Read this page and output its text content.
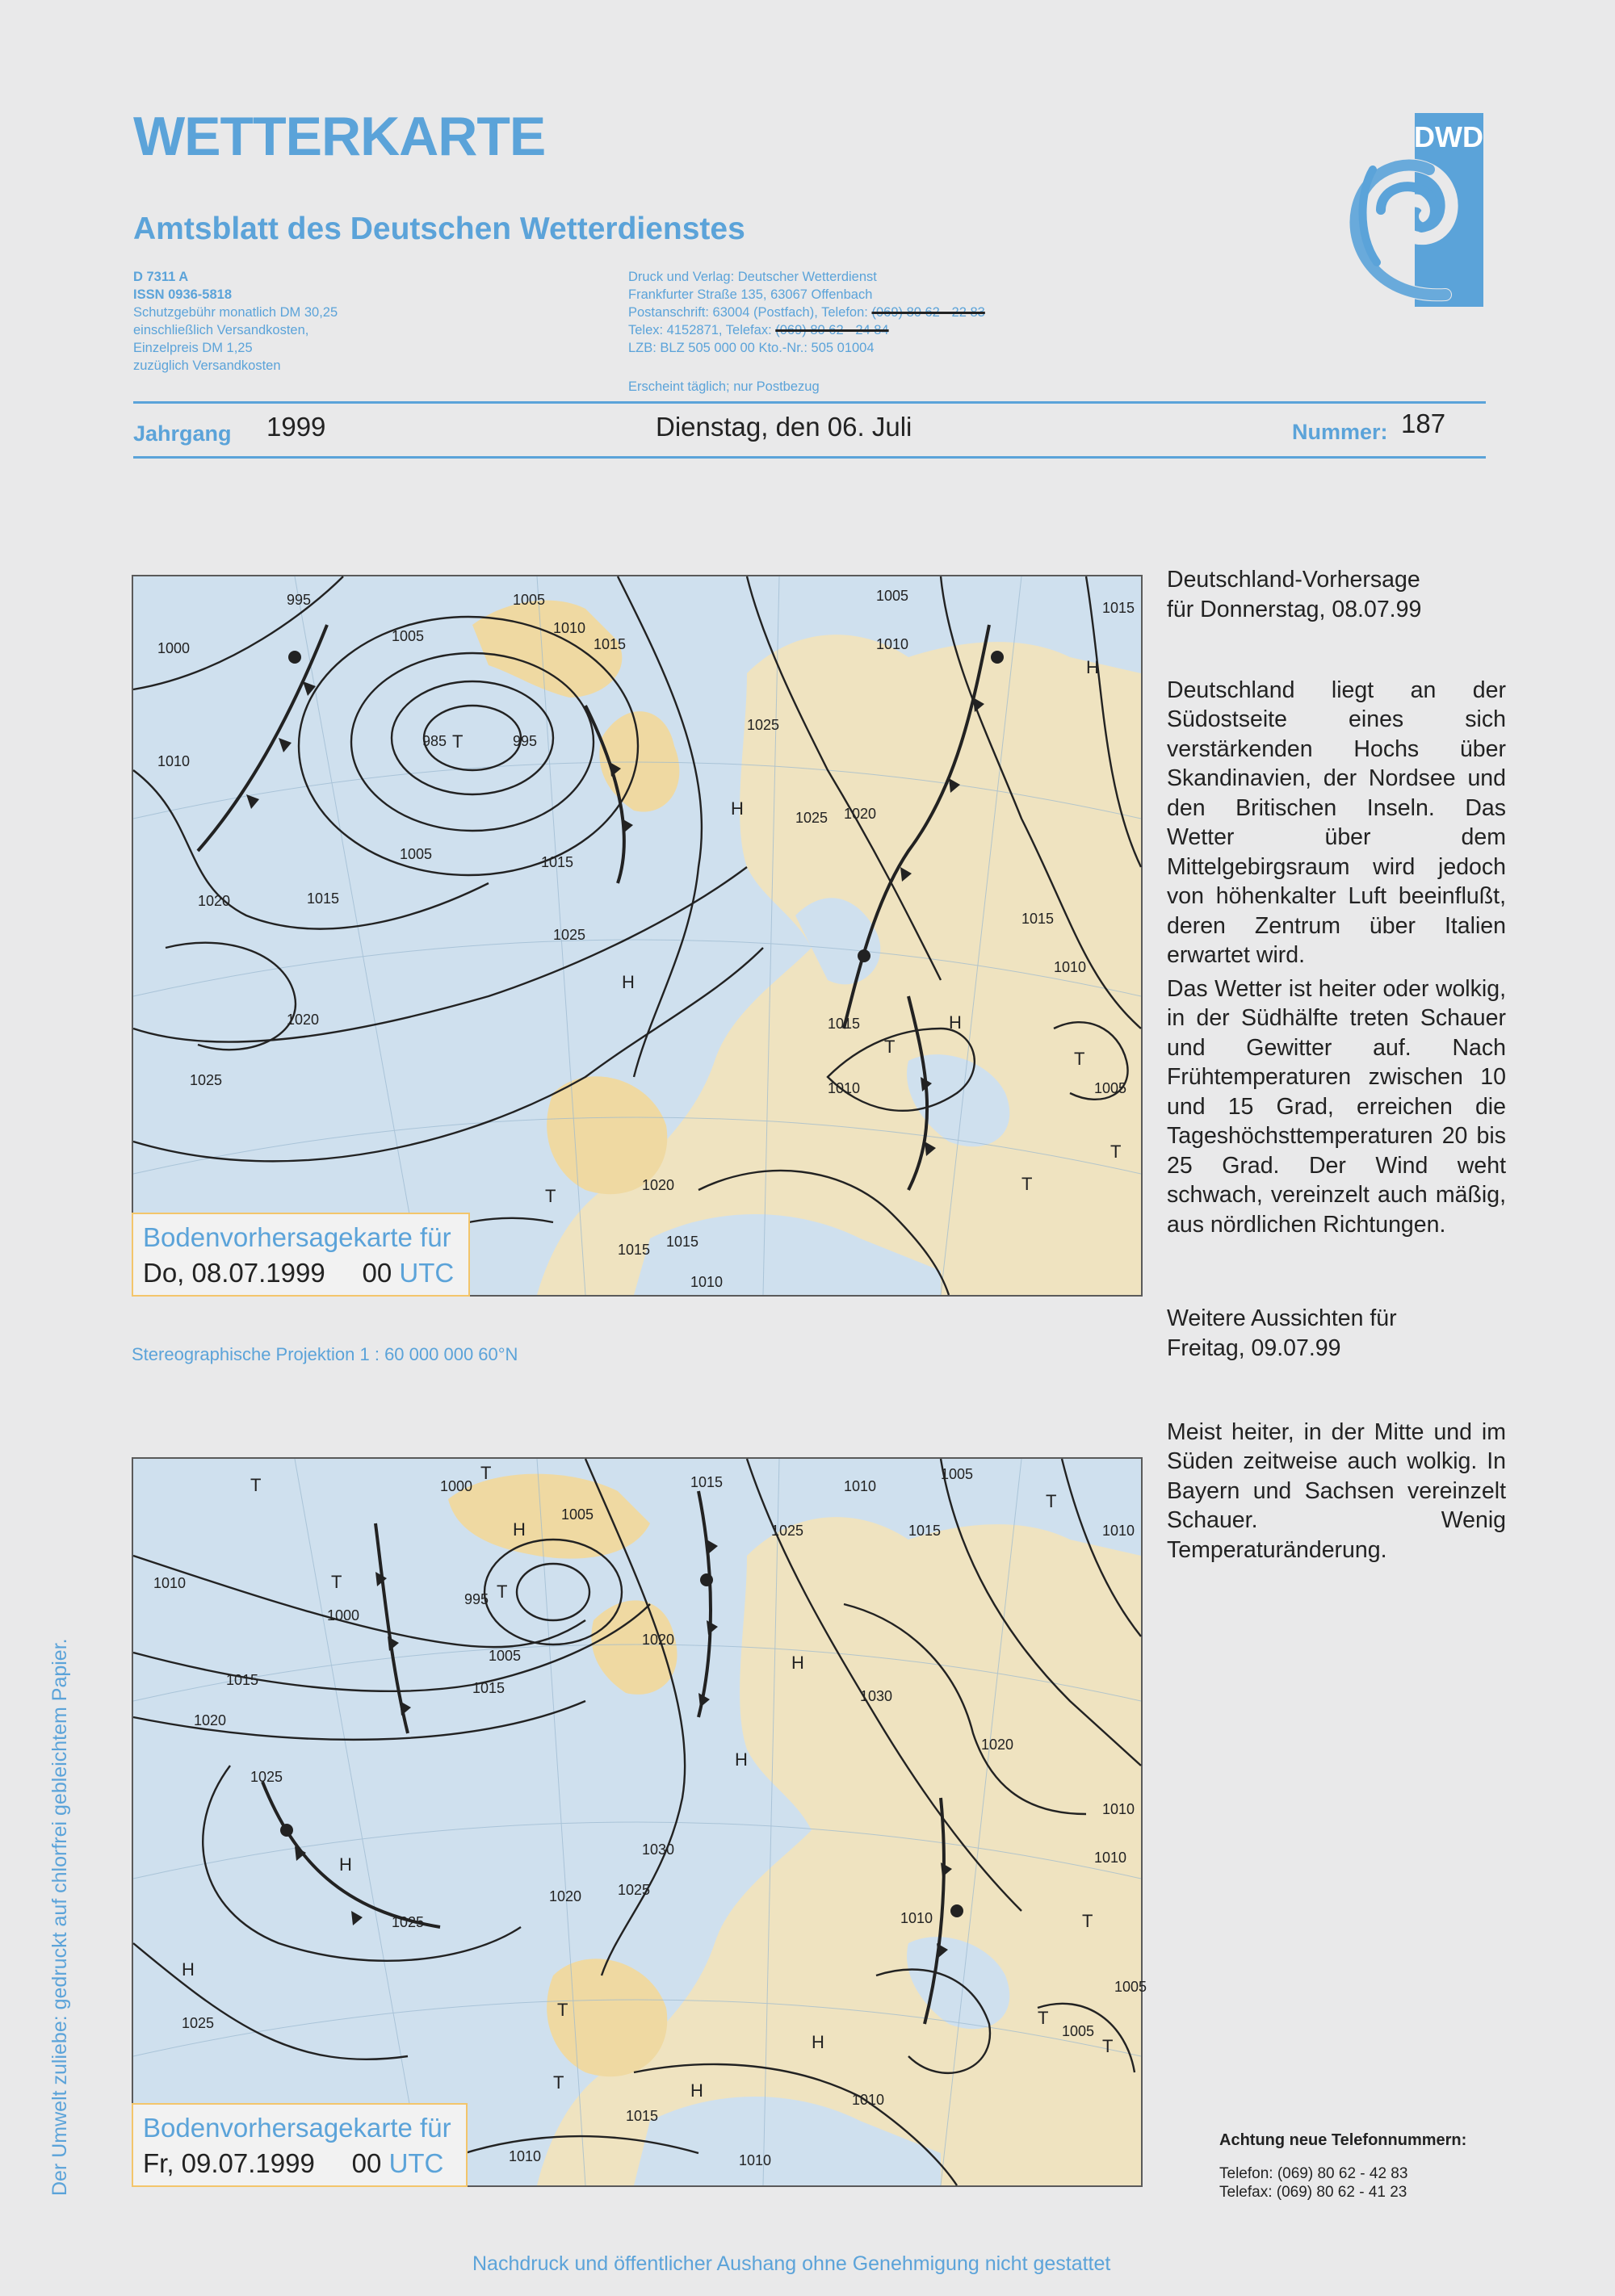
WETTERKARTE
Amtsblatt des Deutschen Wetterdienstes
D 7311 A
ISSN 0936-5818
Schutzgebühr monatlich DM 30,25
einschließlich Versandkosten,
Einzelpreis DM 1,25
zuzüglich Versandkosten
Druck und Verlag: Deutscher Wetterdienst
Frankfurter Straße 135, 63067 Offenbach
Postanschrift: 63004 (Postfach), Telefon: (069) 80 62 - 22 83
Telex: 4152871, Telefax: (069) 80 62 - 24 84
LZB: BLZ 505 000 00 Kto.-Nr.: 505 01004
Erscheint täglich; nur Postbezug
DWD
Jahrgang 1999	Dienstag, den 06. Juli	Nummer: 187
995	1005
1000
1005	1010
1015
1005
1010
1015
H
985 T	995
1025
1010
1005	1015
1020	1015
1025
H
H
1020
1025
1020
1015
1025
1010
T
1020
1015	H
1015
1010
T
1005
T
T
T
1015
1010
Bodenvorhersagekarte für
Do, 08.07.1999 00 UTC
Stereographische Projektion 1 : 60 000 000 60°N
T	1000
T	1015	1005
1005
H
1010
1025	1015
T
1010
1010	T
995 T
1000
1005
1020
1015	1015
1020
H
1025
1030
H
1020
H
1030
1025
1020
H
1025
1010
1010	T
H
1025
1005
T
1005
T
T
H
1015
1010
1010	1010
T
1010
Bodenvorhersagekarte für
Fr, 09.07.1999 00 UTC
Deutschland-Vorhersage
für Donnerstag, 08.07.99

Deutschland liegt an der Südostseite eines sich verstärkenden Hochs über Skandinavien, der Nordsee und den Britischen Inseln. Das Wetter über dem Mittelgebirgsraum wird jedoch von höhenkalter Luft beeinflußt, deren Zentrum über Italien erwartet wird.

Das Wetter ist heiter oder wolkig, in der Südhälfte treten Schauer und Gewitter auf. Nach Frühtemperaturen zwischen 10 und 15 Grad, erreichen die Tageshöchsttemperaturen 20 bis 25 Grad. Der Wind weht schwach, vereinzelt auch mäßig, aus nördlichen Richtungen.

Weitere Aussichten für
Freitag, 09.07.99

Meist heiter, in der Mitte und im Süden zeitweise auch wolkig. In Bayern und Sachsen vereinzelt Schauer. Wenig Temperaturänderung.

Achtung neue Telefonnummern:
Telefon: (069) 80 62 - 42 83
Telefax: (069) 80 62 - 41 23
Der Umwelt zuliebe: gedruckt auf chlorfrei gebleichtem Papier.
Nachdruck und öffentlicher Aushang ohne Genehmigung nicht gestattet
